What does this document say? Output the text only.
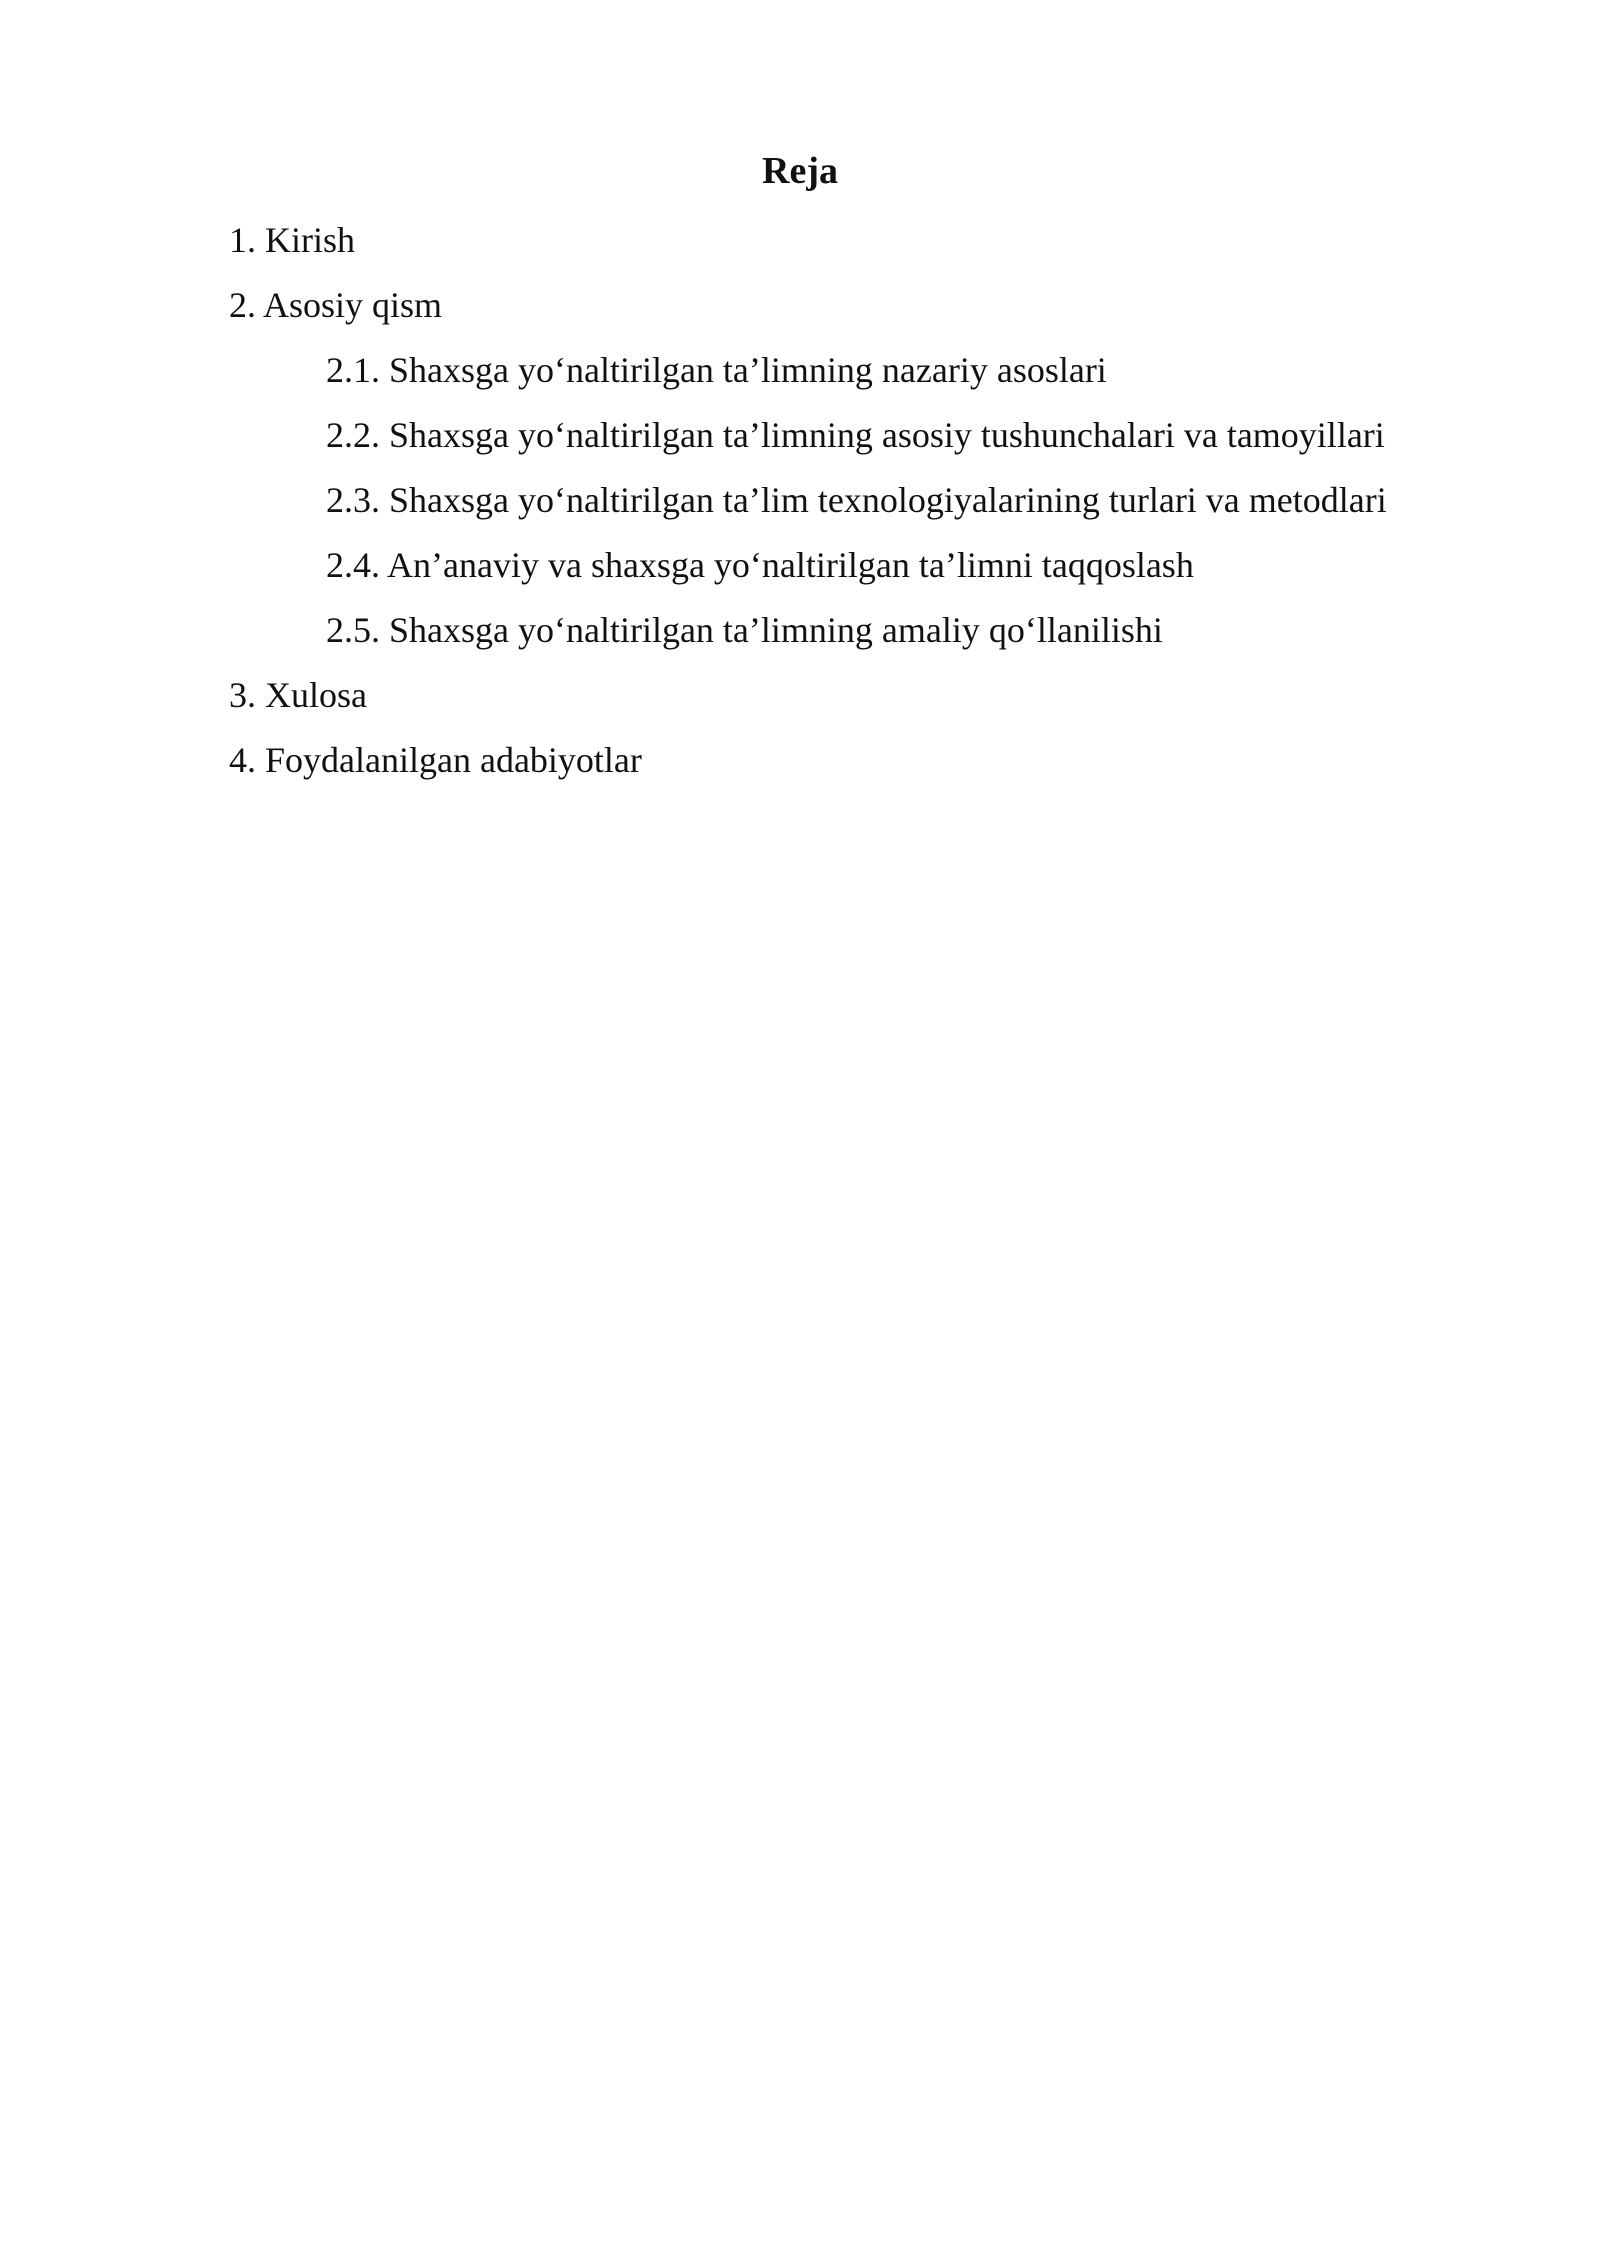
Reja
1. Kirish
2. Asosiy qism
2.1. Shaxsga yo‘naltirilgan ta’limning nazariy asoslari
2.2. Shaxsga yo‘naltirilgan ta’limning asosiy tushunchalari va tamoyillari
2.3. Shaxsga yo‘naltirilgan ta’lim texnologiyalarining turlari va metodlari
2.4. An’anaviy va shaxsga yo‘naltirilgan ta’limni taqqoslash
2.5. Shaxsga yo‘naltirilgan ta’limning amaliy qo‘llanilishi
3. Xulosa
4. Foydalanilgan adabiyotlar
